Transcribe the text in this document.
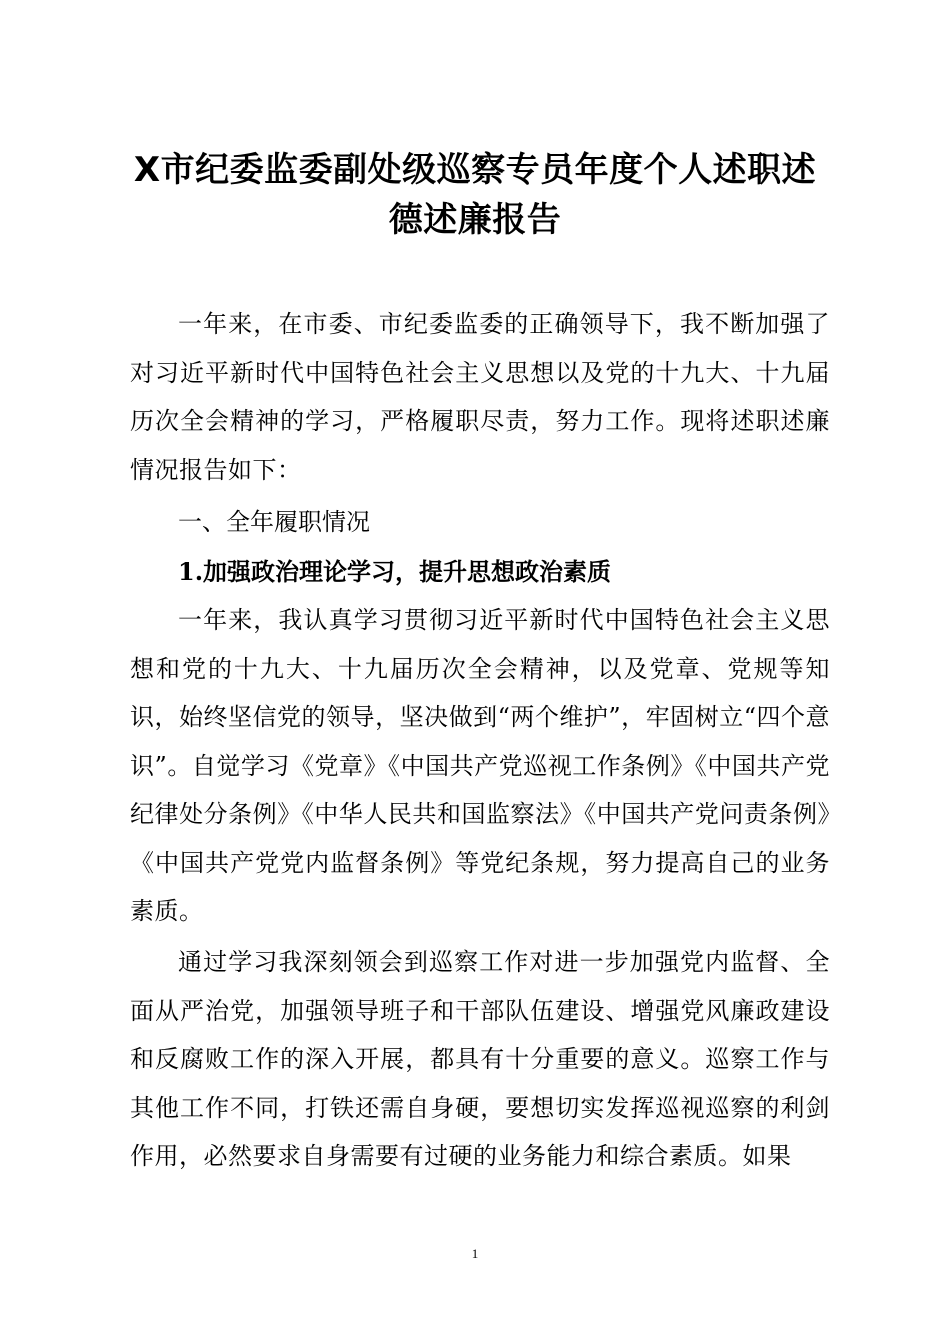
X市纪委监委副处级巡察专员年度个人述职述
德述廉报告

一年来，在市委、市纪委监委的正确领导下，我不断加强了对习近平新时代中国特色社会主义思想以及党的十九大、十九届历次全会精神的学习，严格履职尽责，努力工作。现将述职述廉情况报告如下：

一、全年履职情况

1.加强政治理论学习，提升思想政治素质

一年来，我认真学习贯彻习近平新时代中国特色社会主义思想和党的十九大、十九届历次全会精神，以及党章、党规等知识，始终坚信党的领导，坚决做到“两个维护”，牢固树立“四个意识”。自觉学习《党章》《中国共产党巡视工作条例》《中国共产党纪律处分条例》《中华人民共和国监察法》《中国共产党问责条例》《中国共产党党内监督条例》等党纪条规，努力提高自己的业务素质。

通过学习我深刻领会到巡察工作对进一步加强党内监督、全面从严治党，加强领导班子和干部队伍建设、增强党风廉政建设和反腐败工作的深入开展，都具有十分重要的意义。巡察工作与其他工作不同，打铁还需自身硬，要想切实发挥巡视巡察的利剑作用，必然要求自身需要有过硬的业务能力和综合素质。如果

1
